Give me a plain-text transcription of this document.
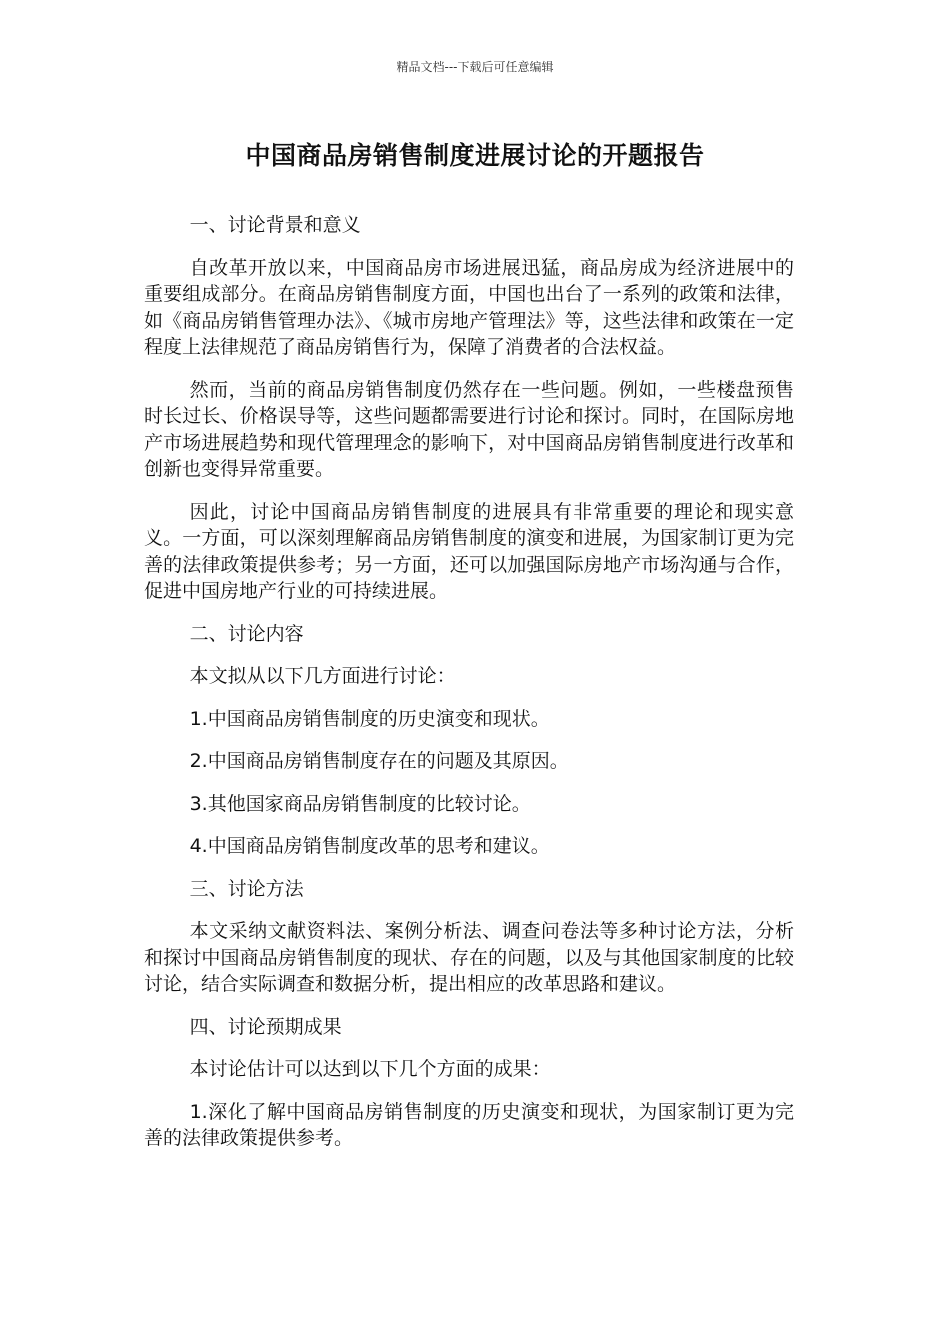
精品文档---下载后可任意编辑
中国商品房销售制度进展讨论的开题报告

一、讨论背景和意义

自改革开放以来，中国商品房市场进展迅猛，商品房成为经济进展中的重要组成部分。在商品房销售制度方面，中国也出台了一系列的政策和法律，如《商品房销售管理办法》、《城市房地产管理法》等，这些法律和政策在一定程度上法律规范了商品房销售行为，保障了消费者的合法权益。

然而，当前的商品房销售制度仍然存在一些问题。例如，一些楼盘预售时长过长、价格误导等，这些问题都需要进行讨论和探讨。同时，在国际房地产市场进展趋势和现代管理理念的影响下，对中国商品房销售制度进行改革和创新也变得异常重要。

因此，讨论中国商品房销售制度的进展具有非常重要的理论和现实意义。一方面，可以深刻理解商品房销售制度的演变和进展，为国家制订更为完善的法律政策提供参考；另一方面，还可以加强国际房地产市场沟通与合作，促进中国房地产行业的可持续进展。

二、讨论内容

本文拟从以下几方面进行讨论：

1.中国商品房销售制度的历史演变和现状。

2.中国商品房销售制度存在的问题及其原因。

3.其他国家商品房销售制度的比较讨论。

4.中国商品房销售制度改革的思考和建议。

三、讨论方法

本文采纳文献资料法、案例分析法、调查问卷法等多种讨论方法，分析和探讨中国商品房销售制度的现状、存在的问题，以及与其他国家制度的比较讨论，结合实际调查和数据分析，提出相应的改革思路和建议。

四、讨论预期成果

本讨论估计可以达到以下几个方面的成果：

1.深化了解中国商品房销售制度的历史演变和现状，为国家制订更为完善的法律政策提供参考。
